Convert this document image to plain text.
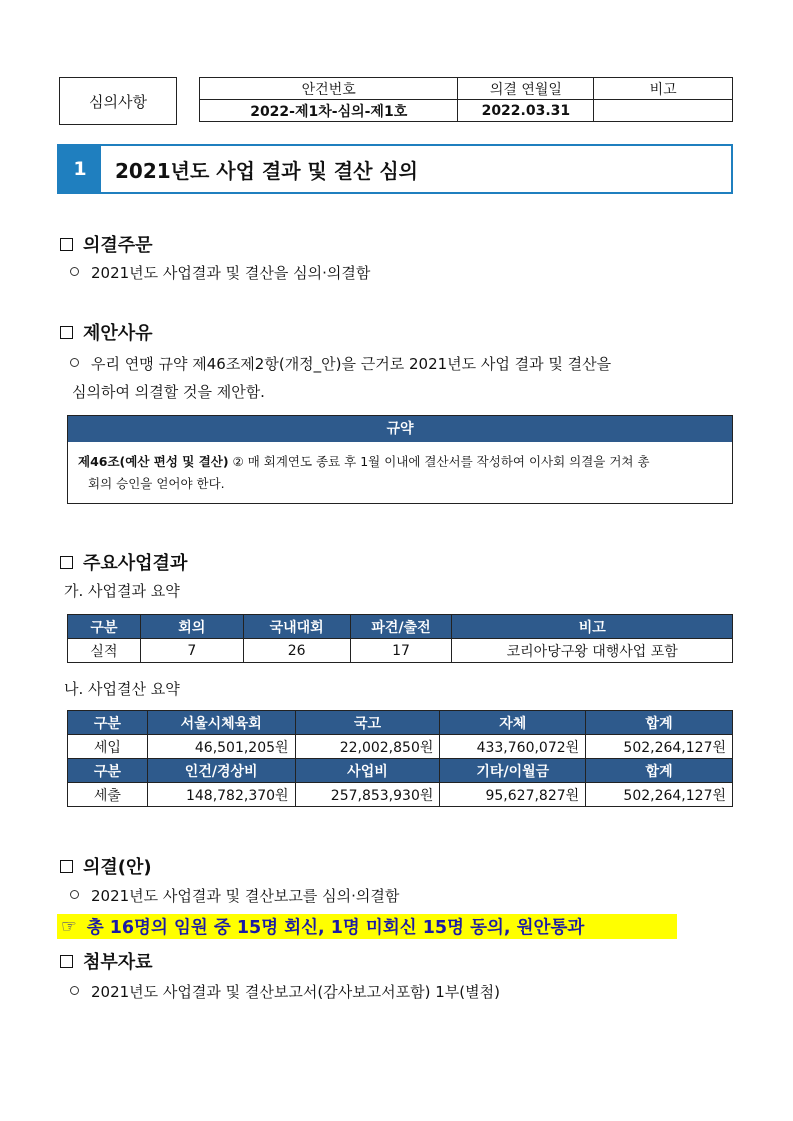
심의사항
안건번호	의결 연월일	비고
2022-제1차-심의-제1호	2022.03.31	
1	2021년도 사업 결과 및 결산 심의
의결주문
2021년도 사업결과 및 결산을 심의·의결함
제안사유
우리 연맹 규약 제46조제2항(개정_안)을 근거로 2021년도 사업 결과 및 결산을
심의하여 의결할 것을 제안함.
규약
제46조(예산 편성 및 결산) ② 매 회계연도 종료 후 1월 이내에 결산서를 작성하여 이사회 의결을 거쳐 총
회의 승인을 얻어야 한다.
주요사업결과
가. 사업결과 요약
구분	회의	국내대회	파견/출전	비고
실적	7	26	17	코리아당구왕 대행사업 포함
나. 사업결산 요약
구분	서울시체육회	국고	자체	합계
세입	46,501,205원	22,002,850원	433,760,072원	502,264,127원
구분	인건/경상비	사업비	기타/이월금	합계
세출	148,782,370원	257,853,930원	95,627,827원	502,264,127원
의결(안)
2021년도 사업결과 및 결산보고를 심의·의결함
☞ 총 16명의 임원 중 15명 회신, 1명 미회신 15명 동의, 원안통과
첨부자료
2021년도 사업결과 및 결산보고서(감사보고서포함) 1부(별첨)
